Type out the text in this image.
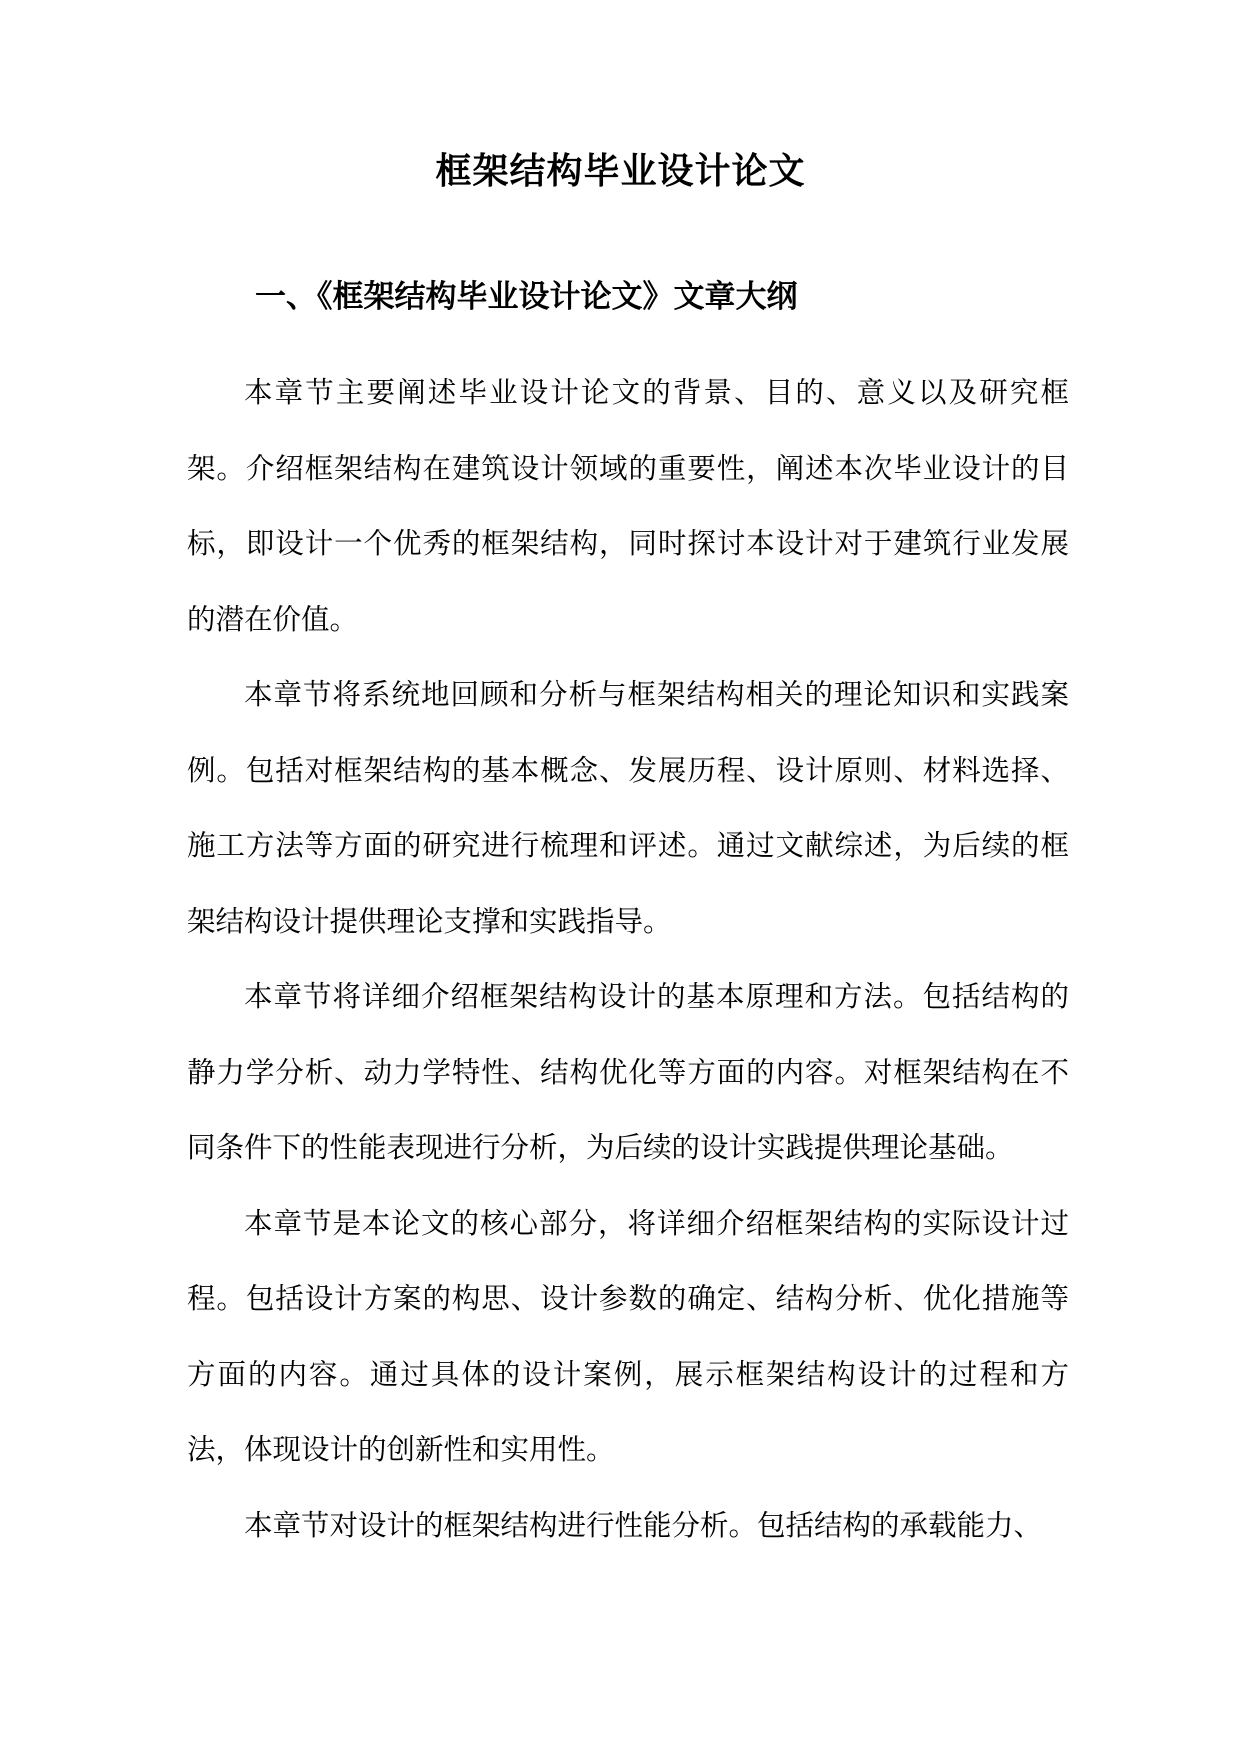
框架结构毕业设计论文
一、《框架结构毕业设计论文》文章大纲

本章节主要阐述毕业设计论文的背景、目的、意义以及研究框架。介绍框架结构在建筑设计领域的重要性，阐述本次毕业设计的目标，即设计一个优秀的框架结构，同时探讨本设计对于建筑行业发展的潜在价值。

本章节将系统地回顾和分析与框架结构相关的理论知识和实践案例。包括对框架结构的基本概念、发展历程、设计原则、材料选择、施工方法等方面的研究进行梳理和评述。通过文献综述，为后续的框架结构设计提供理论支撑和实践指导。

本章节将详细介绍框架结构设计的基本原理和方法。包括结构的静力学分析、动力学特性、结构优化等方面的内容。对框架结构在不同条件下的性能表现进行分析，为后续的设计实践提供理论基础。

本章节是本论文的核心部分，将详细介绍框架结构的实际设计过程。包括设计方案的构思、设计参数的确定、结构分析、优化措施等方面的内容。通过具体的设计案例，展示框架结构设计的过程和方法，体现设计的创新性和实用性。

本章节对设计的框架结构进行性能分析。包括结构的承载能力、
